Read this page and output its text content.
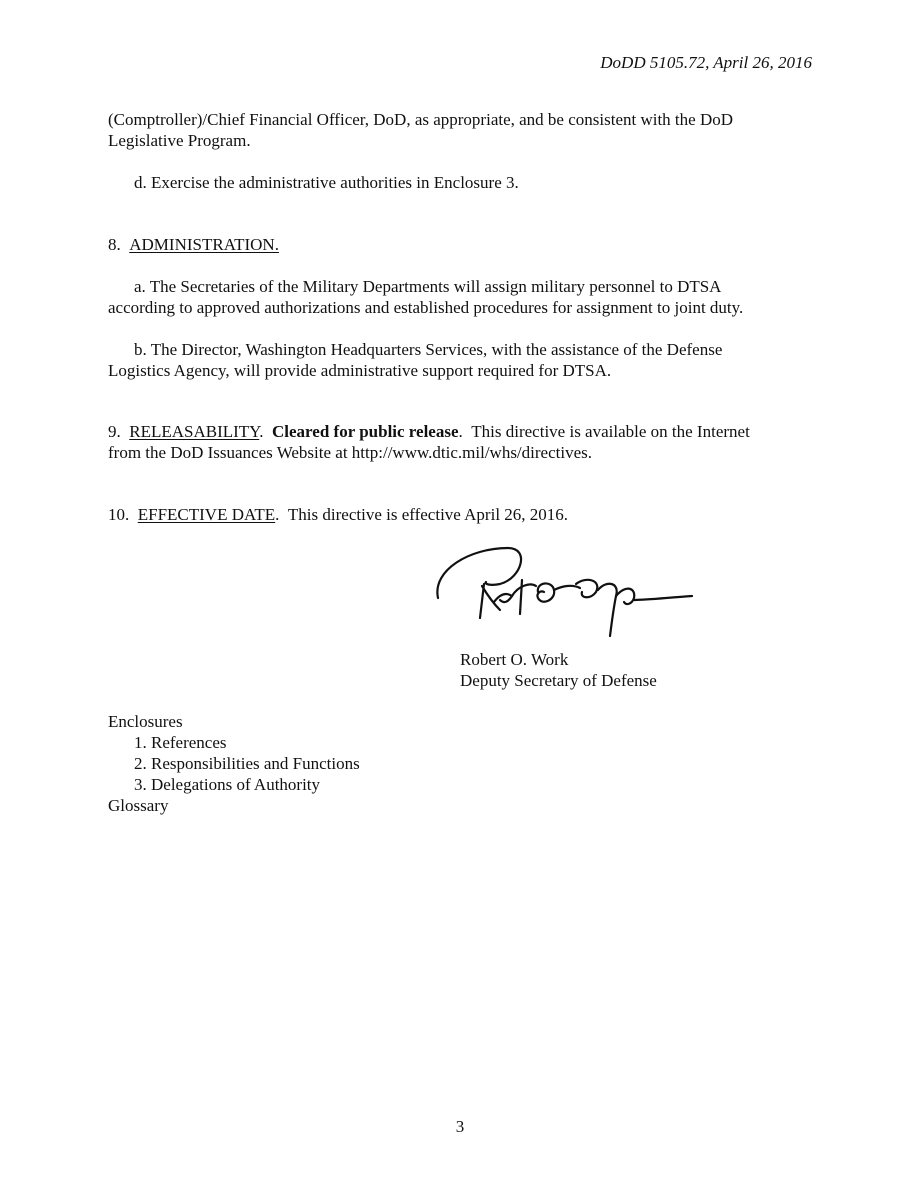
DoDD 5105.72, April 26, 2016
(Comptroller)/Chief Financial Officer, DoD, as appropriate, and be consistent with the DoD
Legislative Program.
d. Exercise the administrative authorities in Enclosure 3.
8. ADMINISTRATION.
a. The Secretaries of the Military Departments will assign military personnel to DTSA
according to approved authorizations and established procedures for assignment to joint duty.
b. The Director, Washington Headquarters Services, with the assistance of the Defense
Logistics Agency, will provide administrative support required for DTSA.
9. RELEASABILITY.  Cleared for public release.  This directive is available on the Internet
from the DoD Issuances Website at http://www.dtic.mil/whs/directives.
10. EFFECTIVE DATE.  This directive is effective April 26, 2016.
Robert O. Work
Deputy Secretary of Defense
Enclosures
1. References
2. Responsibilities and Functions
3. Delegations of Authority
Glossary
3
